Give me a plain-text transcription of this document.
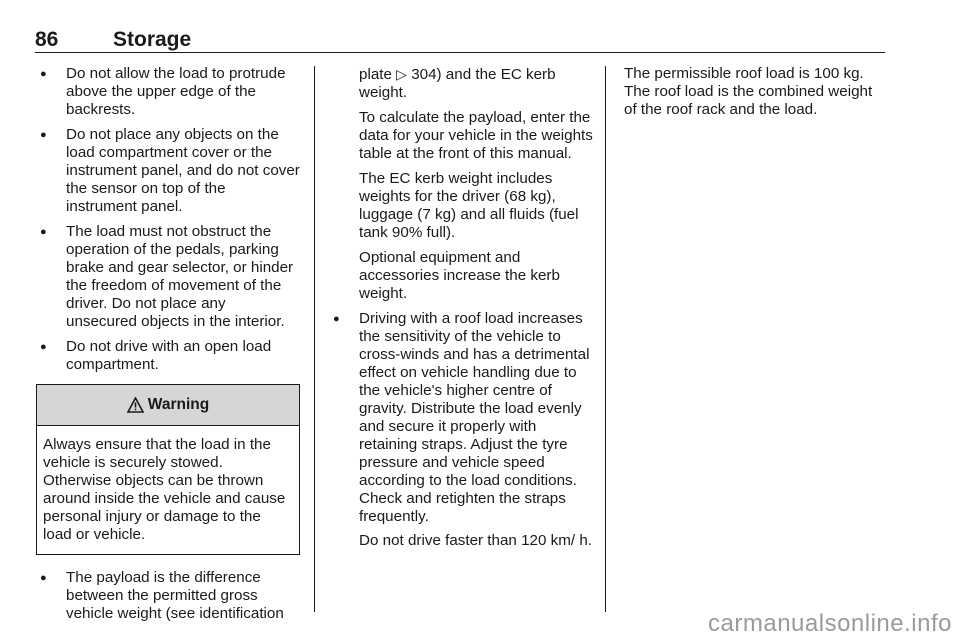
86	Storage
● Do not allow the load to protrude above the upper edge of the backrests.
● Do not place any objects on the load compartment cover or the instrument panel, and do not cover the sensor on top of the instrument panel.
● The load must not obstruct the operation of the pedals, parking brake and gear selector, or hinder the freedom of movement of the driver. Do not place any unsecured objects in the interior.
● Do not drive with an open load compartment.
Warning
Always ensure that the load in the vehicle is securely stowed. Otherwise objects can be thrown around inside the vehicle and cause personal injury or damage to the load or vehicle.
● The payload is the difference between the permitted gross vehicle weight (see identification

plate ▷ 304) and the EC kerb weight.

To calculate the payload, enter the data for your vehicle in the weights table at the front of this manual.

The EC kerb weight includes weights for the driver (68 kg), luggage (7 kg) and all fluids (fuel tank 90% full).

Optional equipment and accessories increase the kerb weight.

● Driving with a roof load increases the sensitivity of the vehicle to cross-winds and has a detrimental effect on vehicle handling due to the vehicle's higher centre of gravity. Distribute the load evenly and secure it properly with retaining straps. Adjust the tyre pressure and vehicle speed according to the load conditions. Check and retighten the straps frequently.
Do not drive faster than 120 km/ h.

The permissible roof load is 100 kg. The roof load is the combined weight of the roof rack and the load.

carmanualsonline.info
